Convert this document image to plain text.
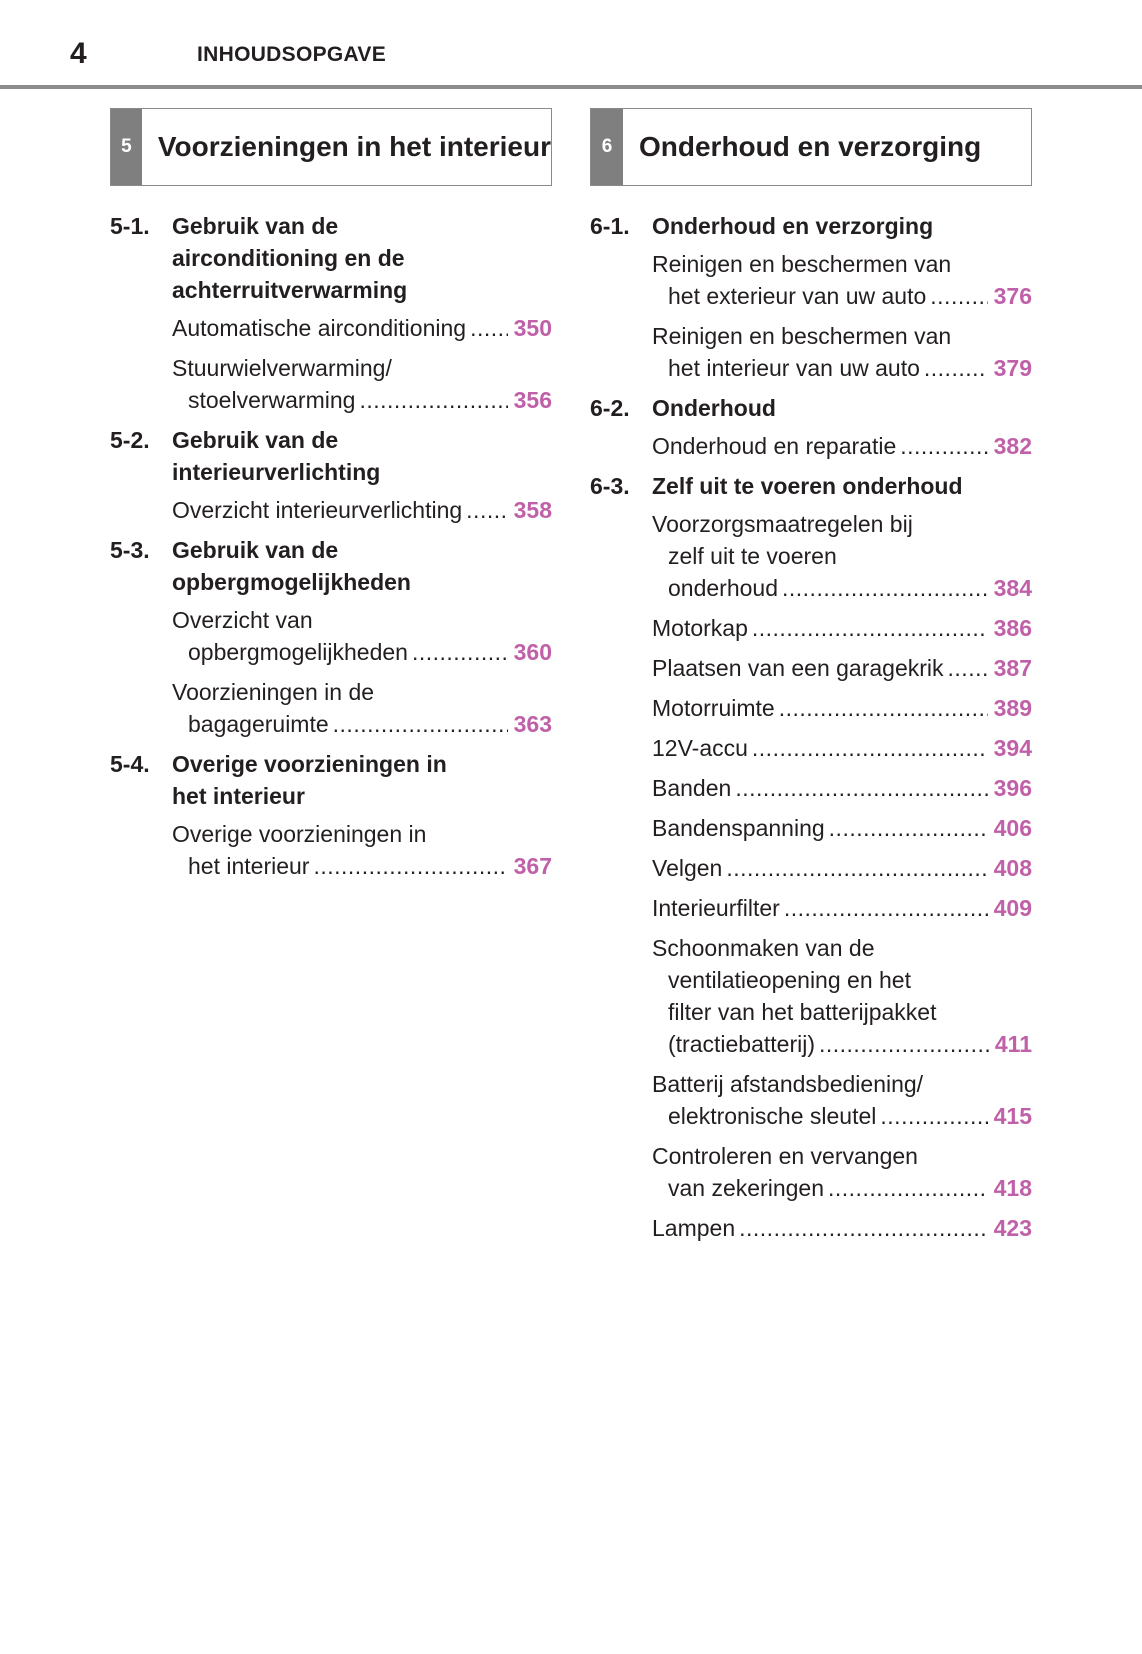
4	INHOUDSOPGAVE
5 Voorzieningen in het interieur
5-1. Gebruik van de
airconditioning en de
achterruitverwarming
Automatische airconditioning ..... 350
Stuurwielverwarming/
stoelverwarming .....	356
5-2. Gebruik van de
interieurverlichting
Overzicht interieurverlichting ..... 358
5-3. Gebruik van de
opbergmogelijkheden
Overzicht van
opbergmogelijkheden .....	360
Voorzieningen in de
bagageruimte .....	363
5-4. Overige voorzieningen in
het interieur
Overige voorzieningen in
het interieur .....	367
6 Onderhoud en verzorging
6-1. Onderhoud en verzorging
Reinigen en beschermen van
het exterieur van uw auto .....	376
Reinigen en beschermen van
het interieur van uw auto .....	379
6-2. Onderhoud
Onderhoud en reparatie .....	382
6-3. Zelf uit te voeren onderhoud
Voorzorgsmaatregelen bij
zelf uit te voeren
onderhoud .....	384
Motorkap .....	386
Plaatsen van een garagekrik ..... 387
Motorruimte .....	389
12V-accu .....	394
Banden .....	396
Bandenspanning .....	406
Velgen .....	408
Interieurfilter .....	409
Schoonmaken van de
ventilatieopening en het
filter van het batterijpakket
(tractiebatterij) .....	411
Batterij afstandsbediening/
elektronische sleutel .....	415
Controleren en vervangen
van zekeringen .....	418
Lampen .....	423
